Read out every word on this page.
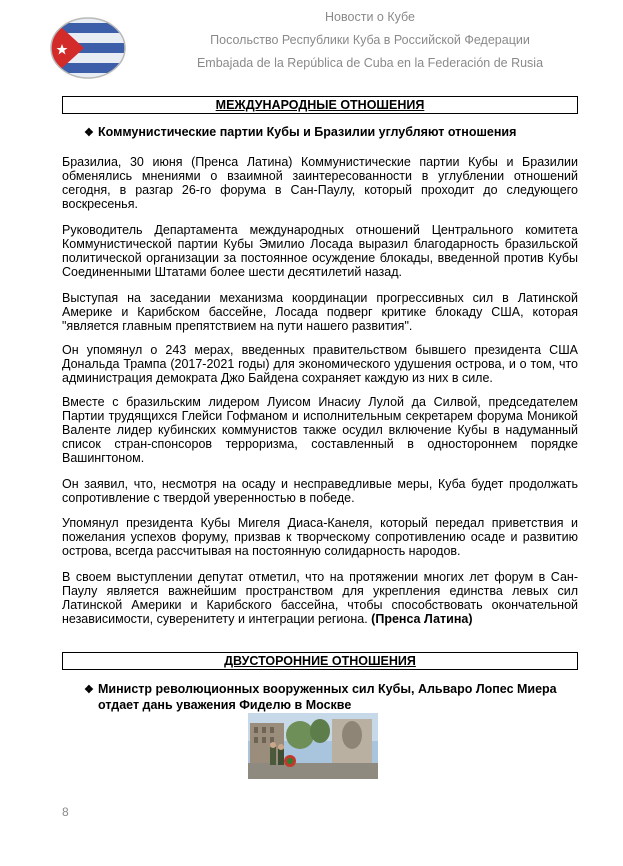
Новости о Кубе
Посольство Республики Куба в Российской Федерации
Embajada de la República de Cuba en la Federación de Rusia
МЕЖДУНАРОДНЫЕ ОТНОШЕНИЯ
❖ Коммунистические партии Кубы и Бразилии углубляют отношения
Бразилиа, 30 июня (Пренса Латина) Коммунистические партии Кубы и Бразилии обменялись мнениями о взаимной заинтересованности в углублении отношений сегодня, в разгар 26-го форума в Сан-Паулу, который проходит до следующего воскресенья.
Руководитель Департамента международных отношений Центрального комитета Коммунистической партии Кубы Эмилио Лосада выразил благодарность бразильской политической организации за постоянное осуждение блокады, введенной против Кубы Соединенными Штатами более шести десятилетий назад.
Выступая на заседании механизма координации прогрессивных сил в Латинской Америке и Карибском бассейне, Лосада подверг критике блокаду США, которая "является главным препятствием на пути нашего развития".
Он упомянул о 243 мерах, введенных правительством бывшего президента США Дональда Трампа (2017-2021 годы) для экономического удушения острова, и о том, что администрация демократа Джо Байдена сохраняет каждую из них в силе.
Вместе с бразильским лидером Луисом Инасиу Лулой да Силвой, председателем Партии трудящихся Глейси Гофманом и исполнительным секретарем форума Моникой Валенте лидер кубинских коммунистов также осудил включение Кубы в надуманный список стран-спонсоров терроризма, составленный в одностороннем порядке Вашингтоном.
Он заявил, что, несмотря на осаду и несправедливые меры, Куба будет продолжать сопротивление с твердой уверенностью в победе.
Упомянул президента Кубы Мигеля Диаса-Канеля, который передал приветствия и пожелания успехов форуму, призвав к творческому сопротивлению осаде и развитию острова, всегда рассчитывая на постоянную солидарность народов.
В своем выступлении депутат отметил, что на протяжении многих лет форум в Сан-Паулу является важнейшим пространством для укрепления единства левых сил Латинской Америки и Карибского бассейна, чтобы способствовать окончательной независимости, суверенитету и интеграции региона. (Пренса Латина)
ДВУСТОРОННИЕ ОТНОШЕНИЯ
❖ Министр революционных вооруженных сил Кубы, Альваро Лопес Миера
отдает дань уважения Фиделю в Москве
8
